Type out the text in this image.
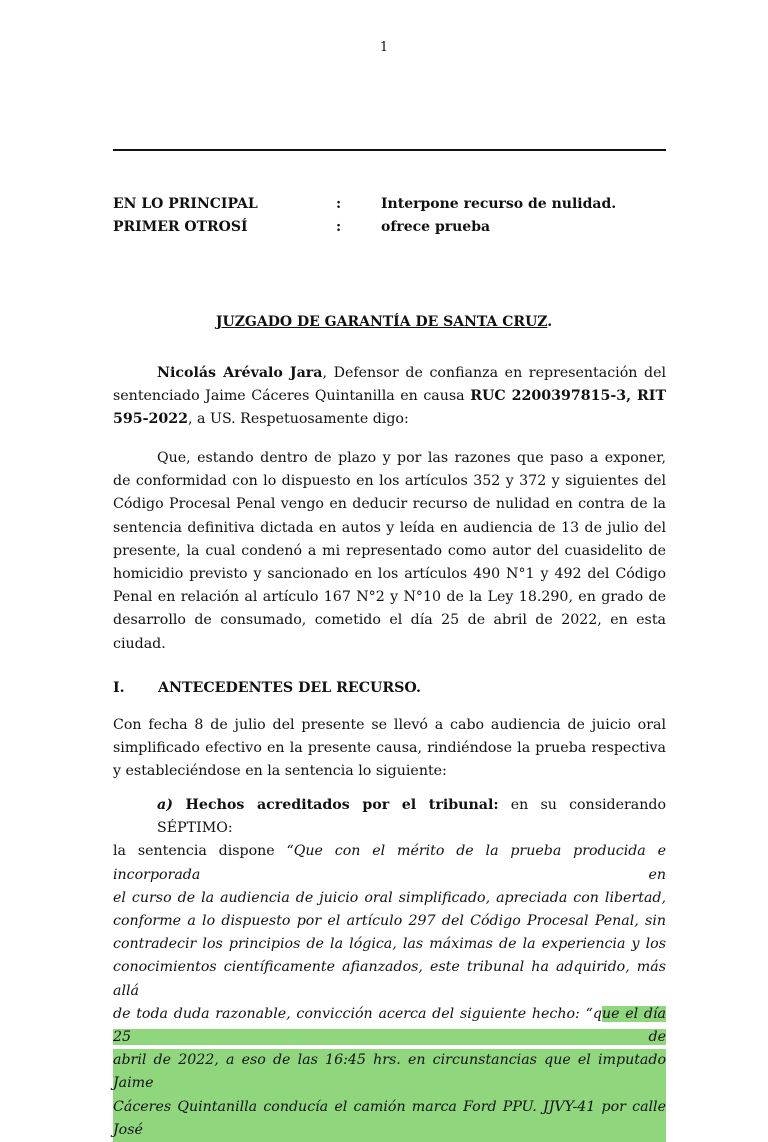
1
EN LO PRINCIPAL	:	Interpone recurso de nulidad.
PRIMER OTROSÍ	:	ofrece prueba
JUZGADO DE GARANTÍA DE SANTA CRUZ.
Nicolás Arévalo Jara, Defensor de confianza en representación del
sentenciado Jaime Cáceres Quintanilla en causa RUC 2200397815-3, RIT
595-2022, a US. Respetuosamente digo:
Que, estando dentro de plazo y por las razones que paso a exponer,
de conformidad con lo dispuesto en los artículos 352 y 372 y siguientes del
Código Procesal Penal vengo en deducir recurso de nulidad en contra de la
sentencia definitiva dictada en autos y leída en audiencia de 13 de julio del
presente, la cual condenó a mi representado como autor del cuasidelito de
homicidio previsto y sancionado en los artículos 490 N°1 y 492 del Código
Penal en relación al artículo 167 N°2 y N°10 de la Ley 18.290, en grado de
desarrollo de consumado, cometido el día 25 de abril de 2022, en esta
ciudad.
I. ANTECEDENTES DEL RECURSO.
Con fecha 8 de julio del presente se llevó a cabo audiencia de juicio oral
simplificado efectivo en la presente causa, rindiéndose la prueba respectiva
y estableciéndose en la sentencia lo siguiente:
a) Hechos acreditados por el tribunal: en su considerando SÉPTIMO:
la sentencia dispone “Que con el mérito de la prueba producida e incorporada en
el curso de la audiencia de juicio oral simplificado, apreciada con libertad,
conforme a lo dispuesto por el artículo 297 del Código Procesal Penal, sin
contradecir los principios de la lógica, las máximas de la experiencia y los
conocimientos científicamente afianzados, este tribunal ha adquirido, más allá
de toda duda razonable, convicción acerca del siguiente hecho: “que el día 25 de
abril de 2022, a eso de las 16:45 hrs. en circunstancias que el imputado Jaime
Cáceres Quintanilla conducía el camión marca Ford PPU. JJVY-41 por calle José
